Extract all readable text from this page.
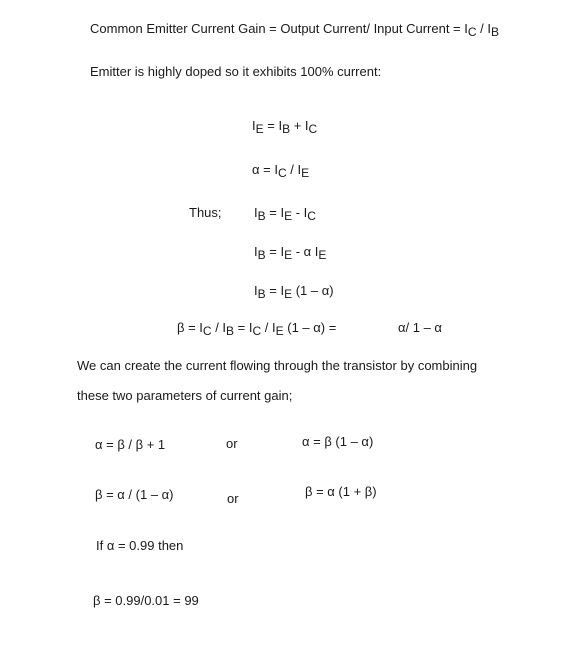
Common Emitter Current Gain = Output Current/ Input Current = $I_C / I_B$
Emitter is highly doped so it exhibits 100% current:
$I_E = I_B + I_C$
$\alpha = I_C / I_E$
Thus; $I_B = I_E - I_C$
$I_B = I_E - \alpha$ $I_E$
$I_B = I_E$ (1 – α)
$\beta = I_C / I_B = I_C / I_E$ (1 – α) =	α/ 1 – α
We can create the current flowing through the transistor by combining
these two parameters of current gain;
α = β / β + 1	or	α = β (1 – α)
β = α / (1 – α)	or	β = α (1 + β)
If α = 0.99 then
β = 0.99/0.01 = 99
